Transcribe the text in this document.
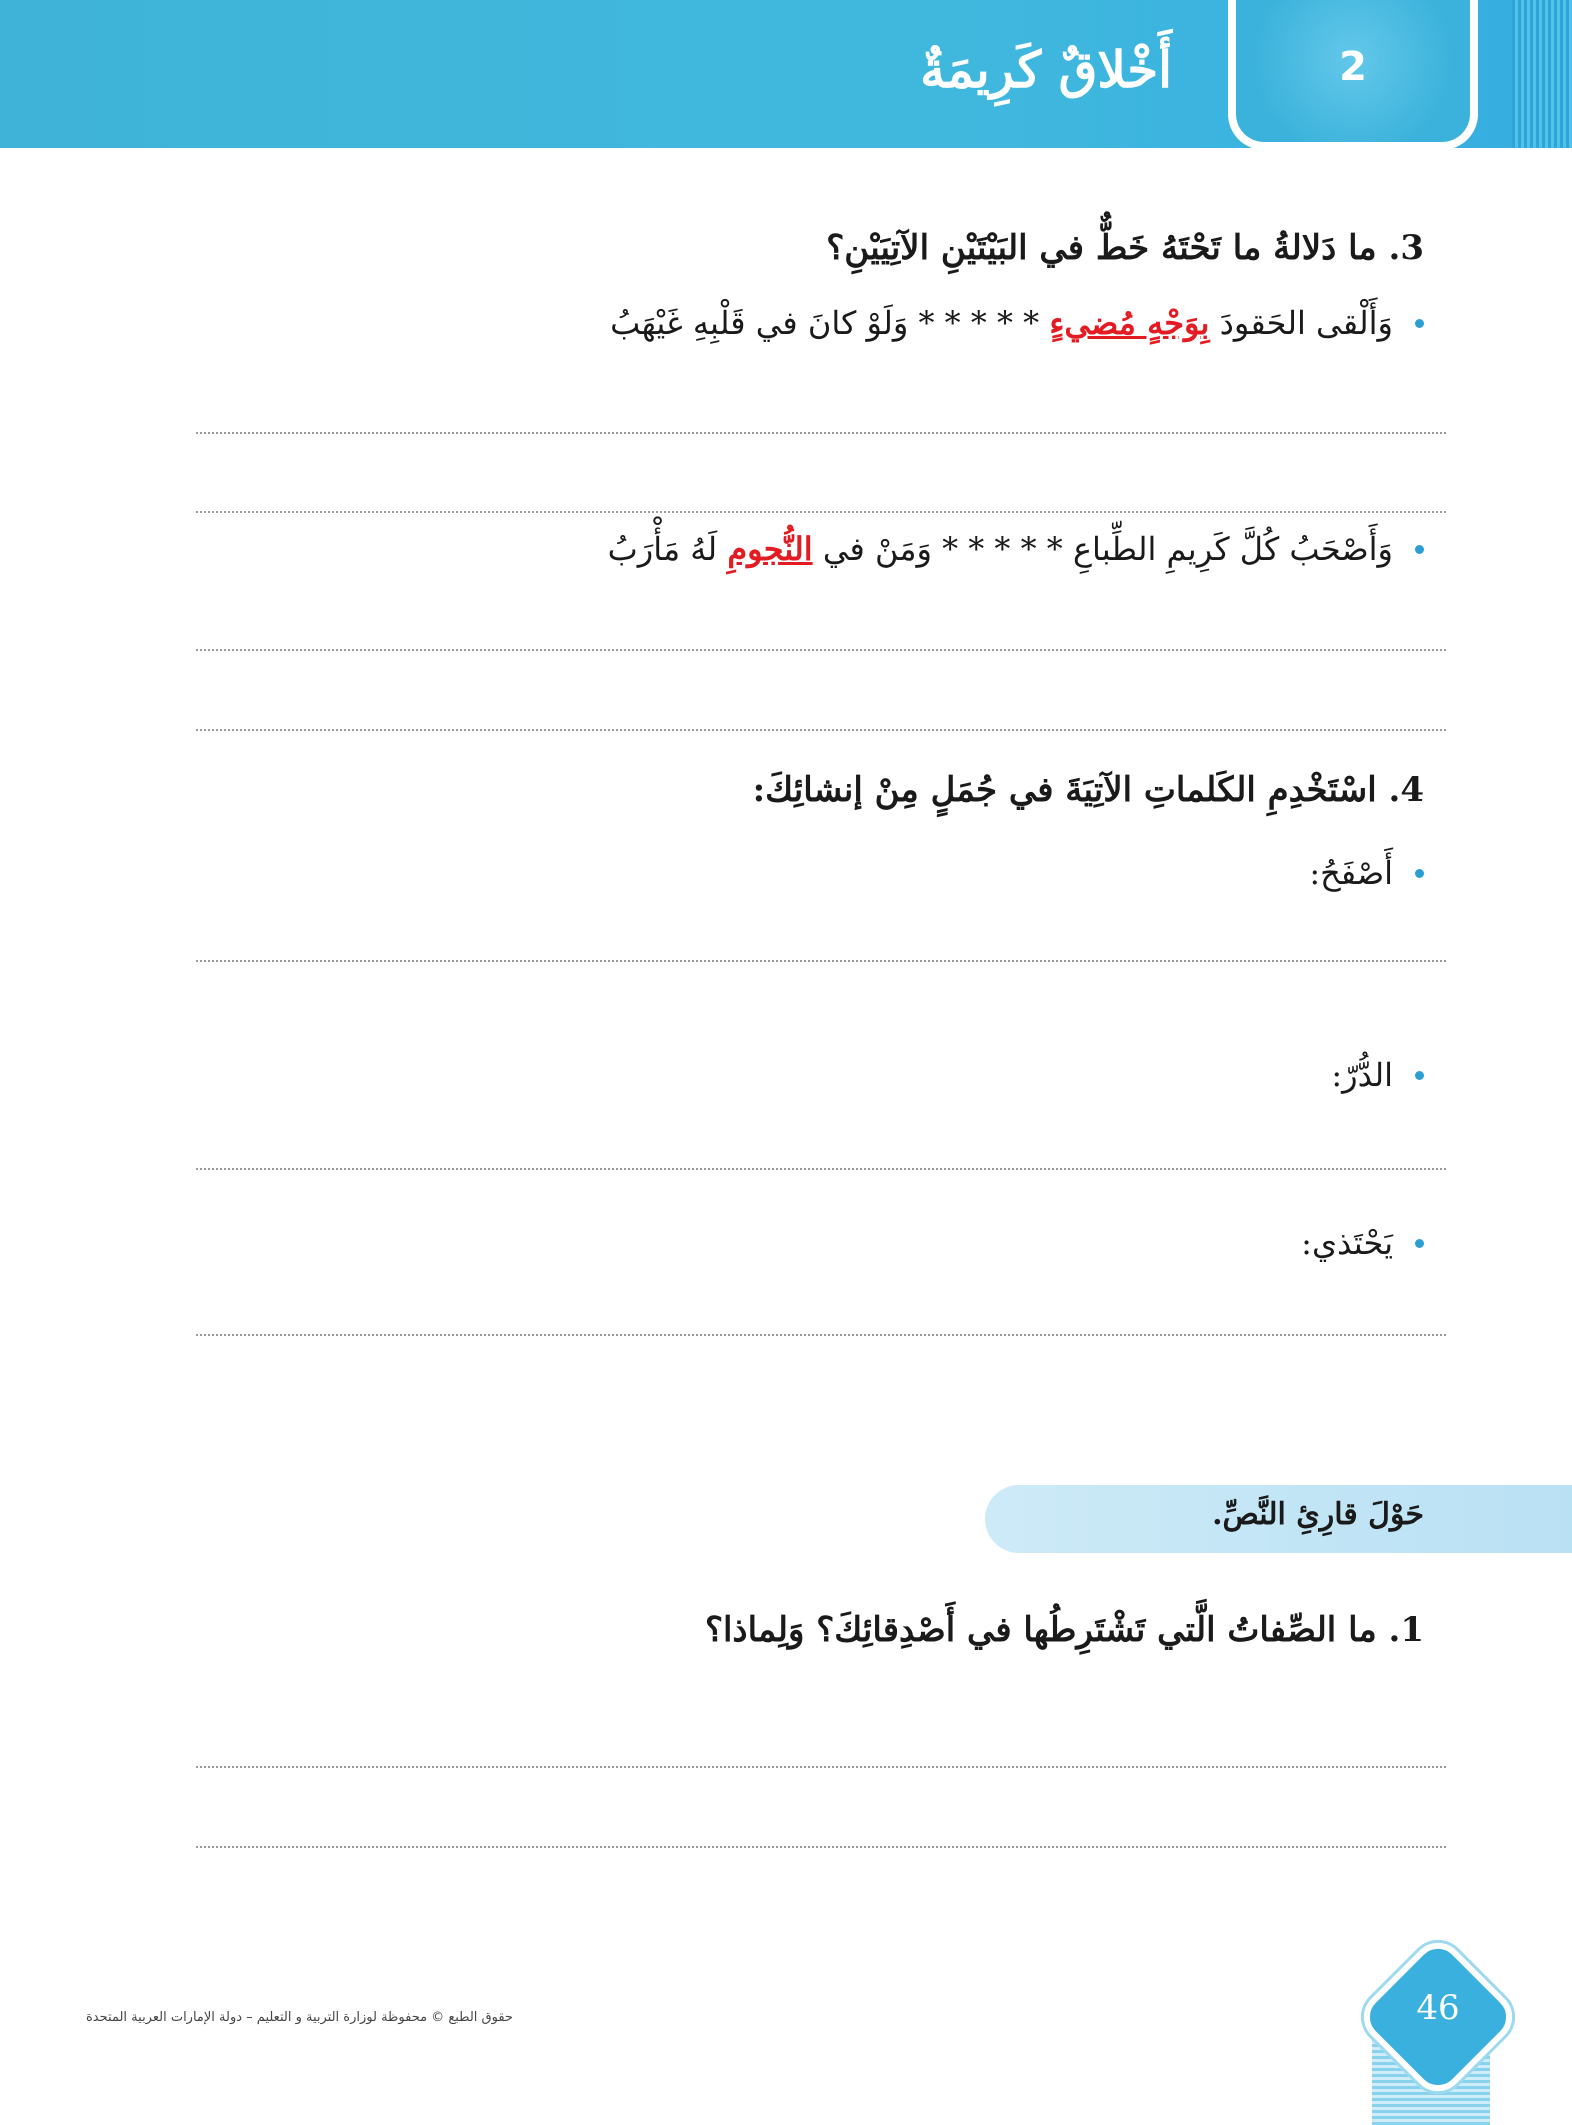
2
أَخْلاقٌ كَرِيمَةٌ
3. ما دَلالةُ ما تَحْتَهُ خَطٌّ في البَيْتَيْنِ الآتِيَيْنِ؟
وَأَلْقى الحَقودَ بِوَجْهٍ مُضيءٍ * * * * * وَلَوْ كانَ في قَلْبِهِ غَيْهَبُ
وَأَصْحَبُ كُلَّ كَرِيمِ الطِّباعِ * * * * * وَمَنْ في النُّجومِ لَهُ مَأْرَبُ
4. اسْتَخْدِمِ الكَلماتِ الآتِيَةَ في جُمَلٍ مِنْ إنشائِكَ:
أَصْفَحُ:
الدُّرّ:
يَحْتَذي:
حَوْلَ قارِئِ النَّصِّ.
1. ما الصِّفاتُ الَّتي تَشْتَرِطُها في أَصْدِقائِكَ؟ وَلِماذا؟
حقوق الطبع © محفوظة لوزارة التربية و التعليم – دولة الإمارات العربية المتحدة	46
